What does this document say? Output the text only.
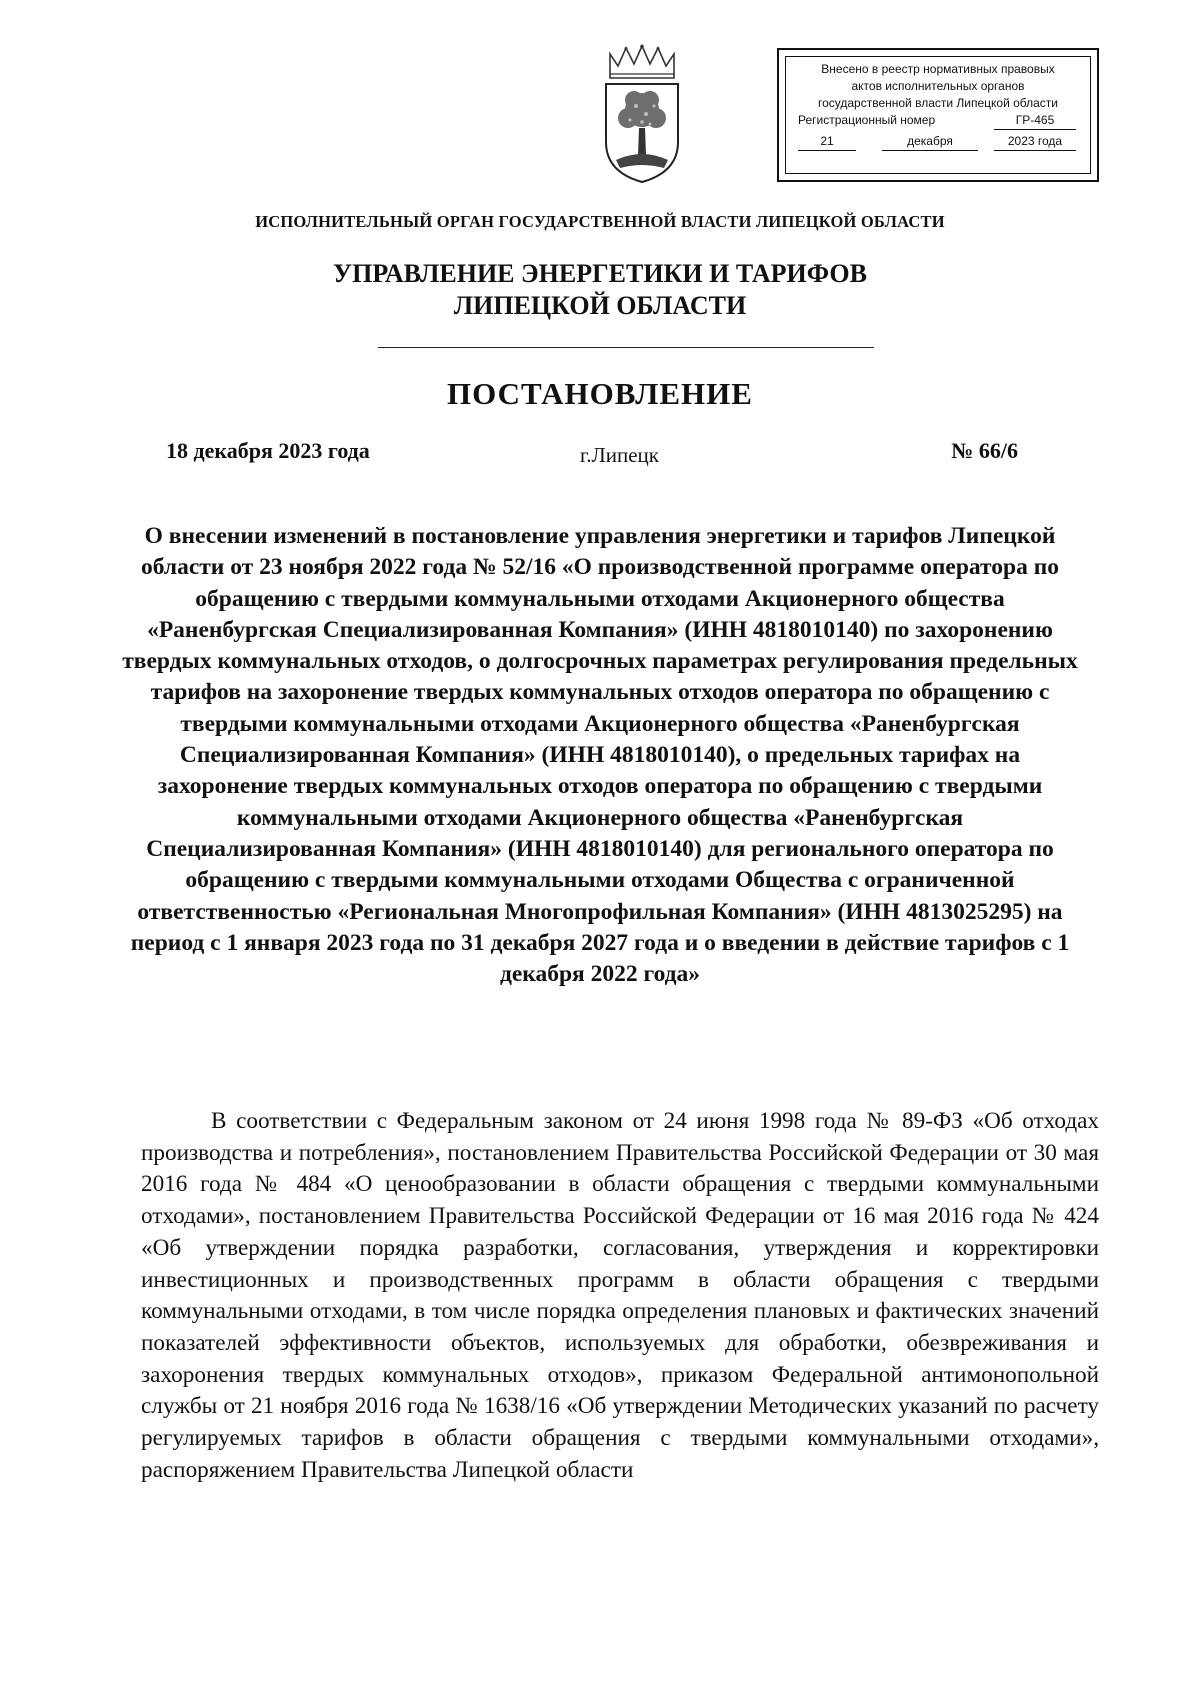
Внесено в реестр нормативных правовых
актов исполнительных органов
государственной власти Липецкой области
Регистрационный номер	ГР-465
21	декабря	2023 года
ИСПОЛНИТЕЛЬНЫЙ ОРГАН ГОСУДАРСТВЕННОЙ ВЛАСТИ ЛИПЕЦКОЙ ОБЛАСТИ
УПРАВЛЕНИЕ ЭНЕРГЕТИКИ И ТАРИФОВ
ЛИПЕЦКОЙ ОБЛАСТИ
ПОСТАНОВЛЕНИЕ
18 декабря 2023 года	г.Липецк	№ 66/6
О внесении изменений в постановление управления энергетики и тарифов Липецкой области от 23 ноября 2022 года № 52/16 «О производственной программе оператора по обращению с твердыми коммунальными отходами Акционерного общества «Раненбургская Специализированная Компания» (ИНН 4818010140) по захоронению твердых коммунальных отходов, о долгосрочных параметрах регулирования предельных тарифов на захоронение твердых коммунальных отходов оператора по обращению с твердыми коммунальными отходами Акционерного общества «Раненбургская Специализированная Компания» (ИНН 4818010140), о предельных тарифах на захоронение твердых коммунальных отходов оператора по обращению с твердыми коммунальными отходами Акционерного общества «Раненбургская Специализированная Компания» (ИНН 4818010140) для регионального оператора по обращению с твердыми коммунальными отходами Общества с ограниченной ответственностью «Региональная Многопрофильная Компания» (ИНН 4813025295) на период с 1 января 2023 года по 31 декабря 2027 года и о введении в действие тарифов с 1 декабря 2022 года»

В соответствии с Федеральным законом от 24 июня 1998 года № 89-ФЗ «Об отходах производства и потребления», постановлением Правительства Российской Федерации от 30 мая 2016 года № 484 «О ценообразовании в области обращения с твердыми коммунальными отходами», постановлением Правительства Российской Федерации от 16 мая 2016 года № 424 «Об утверждении порядка разработки, согласования, утверждения и корректировки инвестиционных и производственных программ в области обращения с твердыми коммунальными отходами, в том числе порядка определения плановых и фактических значений показателей эффективности объектов, используемых для обработки, обезвреживания и захоронения твердых коммунальных отходов», приказом Федеральной антимонопольной службы от 21 ноября 2016 года № 1638/16 «Об утверждении Методических указаний по расчету регулируемых тарифов в области обращения с твердыми коммунальными отходами», распоряжением Правительства Липецкой области
